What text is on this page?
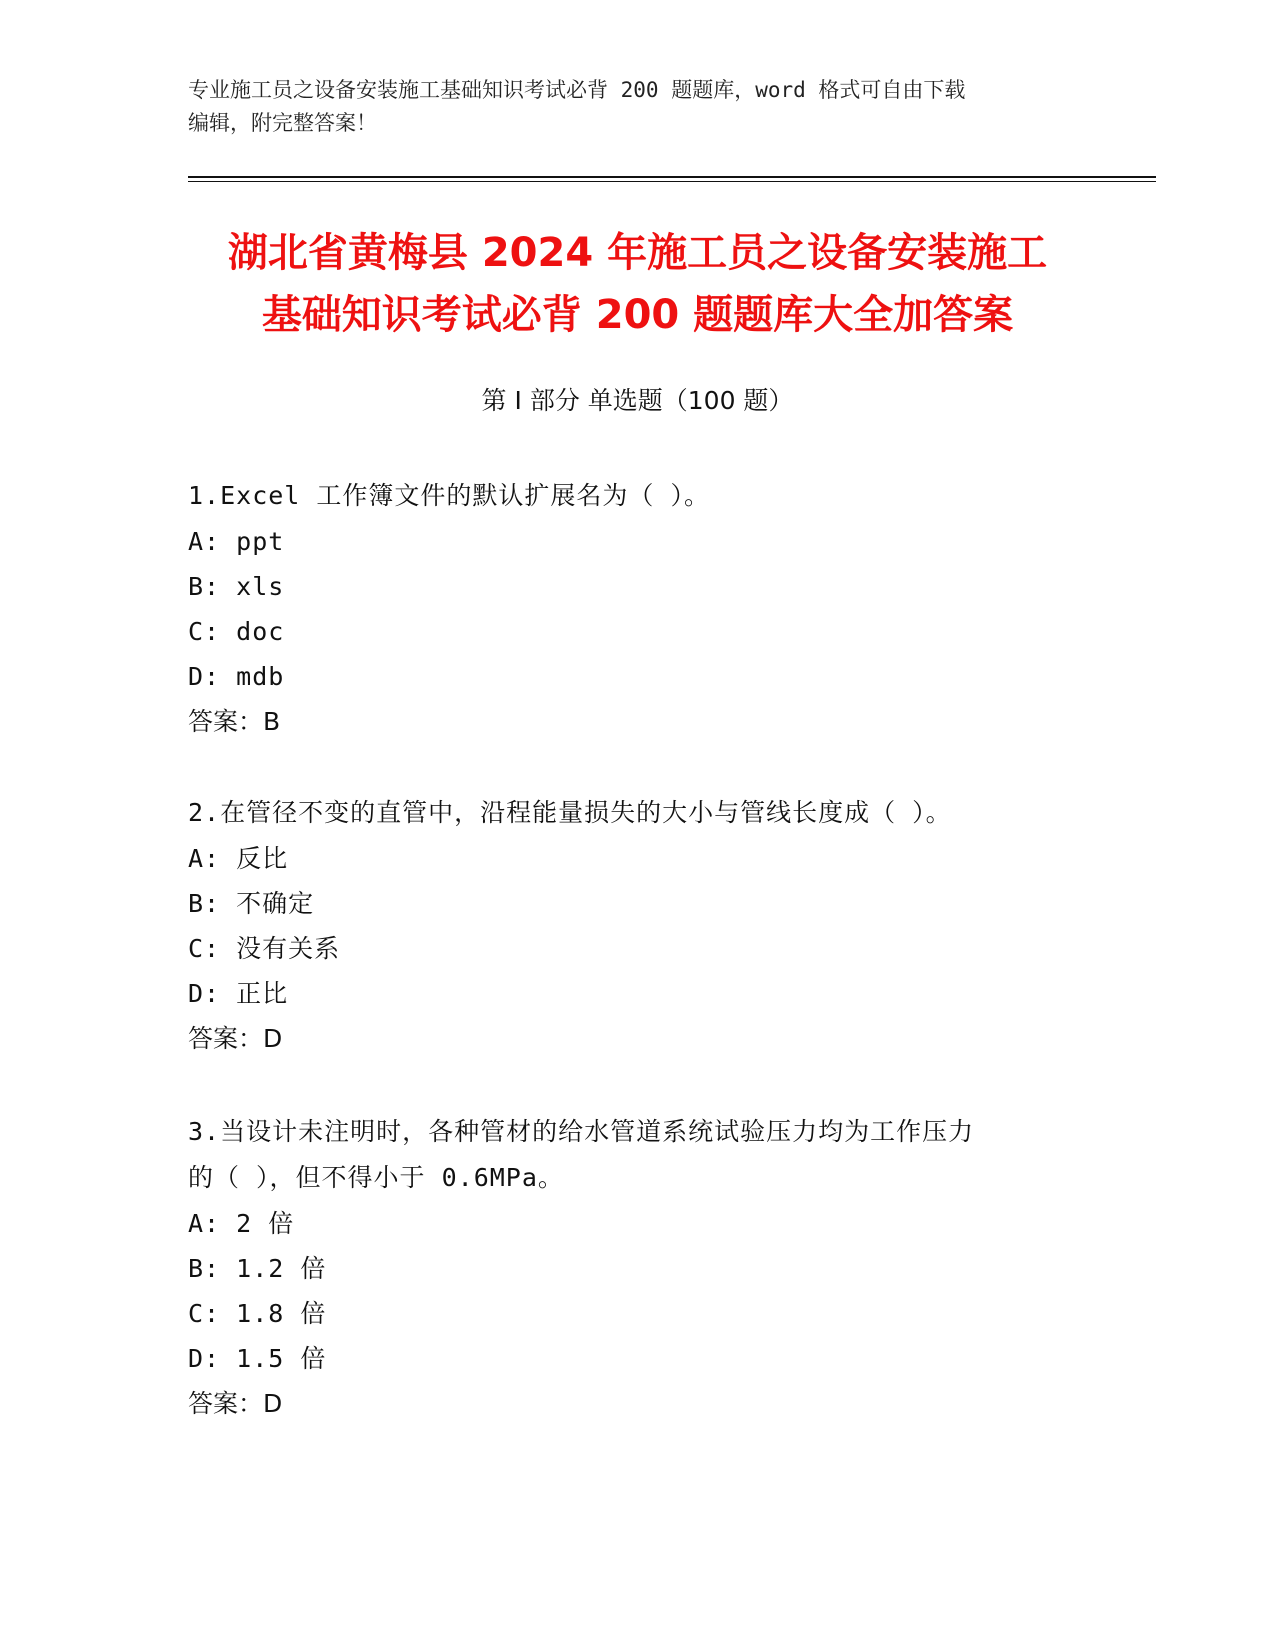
专业施工员之设备安装施工基础知识考试必背 200 题题库，word 格式可自由下载
编辑，附完整答案！
湖北省黄梅县 2024 年施工员之设备安装施工
基础知识考试必背 200 题题库大全加答案
第 I 部分 单选题（100 题）

1.Excel 工作簿文件的默认扩展名为（ ）。

A: ppt

B: xls

C: doc

D: mdb

答案：B

2.在管径不变的直管中，沿程能量损失的大小与管线长度成（ ）。

A: 反比

B: 不确定

C: 没有关系

D: 正比

答案：D

3.当设计未注明时，各种管材的给水管道系统试验压力均为工作压力

的（ ），但不得小于 0.6MPa。

A: 2 倍

B: 1.2 倍

C: 1.8 倍

D: 1.5 倍

答案：D
